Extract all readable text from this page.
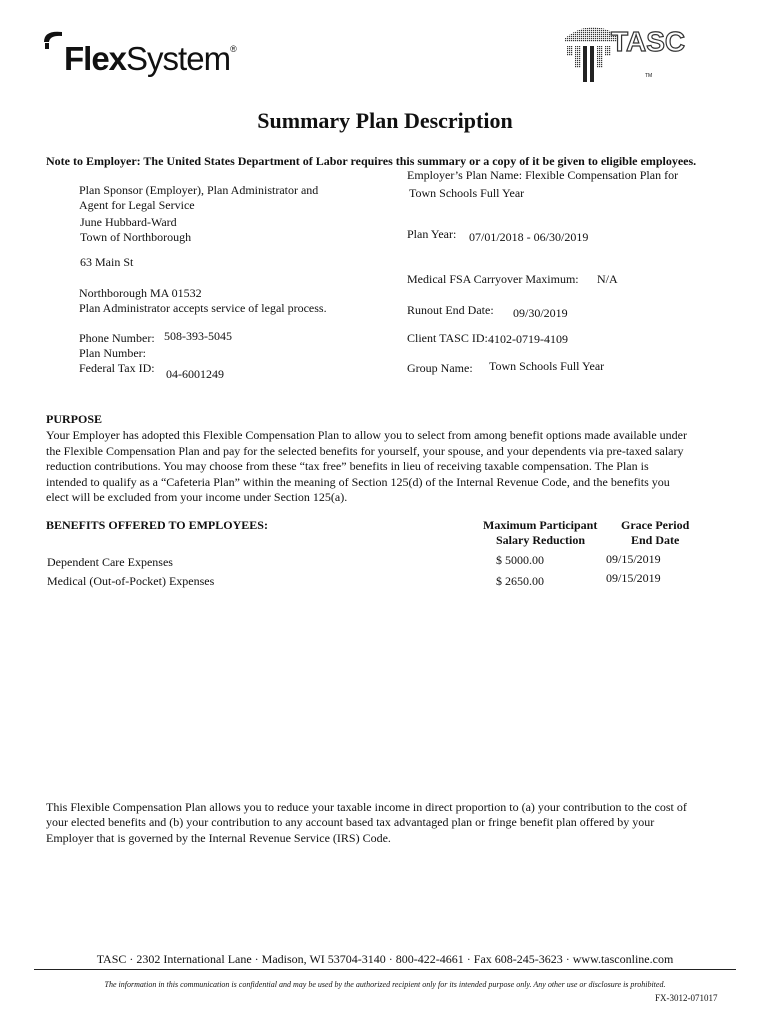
FlexSystem®	TASC
TM
Summary Plan Description
Note to Employer: The United States Department of Labor requires this summary or a copy of it be given to eligible employees.
Plan Sponsor (Employer), Plan Administrator and
Agent for Legal Service
June Hubbard-Ward
Town of Northborough
63 Main St
Northborough MA 01532
Plan Administrator accepts service of legal process.
Phone Number: 508-393-5045
Plan Number:
Federal Tax ID: 04-6001249
Employer’s Plan Name: Flexible Compensation Plan for
Town Schools Full Year
Plan Year: 07/01/2018 - 06/30/2019
Medical FSA Carryover Maximum: N/A
Runout End Date: 09/30/2019
Client TASC ID: 4102-0719-4109
Group Name: Town Schools Full Year
PURPOSE
Your Employer has adopted this Flexible Compensation Plan to allow you to select from among benefit options made available under
the Flexible Compensation Plan and pay for the selected benefits for yourself, your spouse, and your dependents via pre-taxed salary
reduction contributions. You may choose from these “tax free” benefits in lieu of receiving taxable compensation. The Plan is
intended to qualify as a “Cafeteria Plan” within the meaning of Section 125(d) of the Internal Revenue Code, and the benefits you
elect will be excluded from your income under Section 125(a).
BENEFITS OFFERED TO EMPLOYEES:	Maximum Participant
Salary Reduction
Grace Period
End Date
Dependent Care Expenses	$ 5000.00	09/15/2019
Medical (Out-of-Pocket) Expenses	$ 2650.00	09/15/2019
This Flexible Compensation Plan allows you to reduce your taxable income in direct proportion to (a) your contribution to the cost of
your elected benefits and (b) your contribution to any account based tax advantaged plan or fringe benefit plan offered by your
Employer that is governed by the Internal Revenue Service (IRS) Code.
TASC · 2302 International Lane · Madison, WI 53704-3140 · 800-422-4661 · Fax 608-245-3623 · www.tasconline.com
The information in this communication is confidential and may be used by the authorized recipient only for its intended purpose only. Any other use or disclosure is prohibited.
FX-3012-071017
